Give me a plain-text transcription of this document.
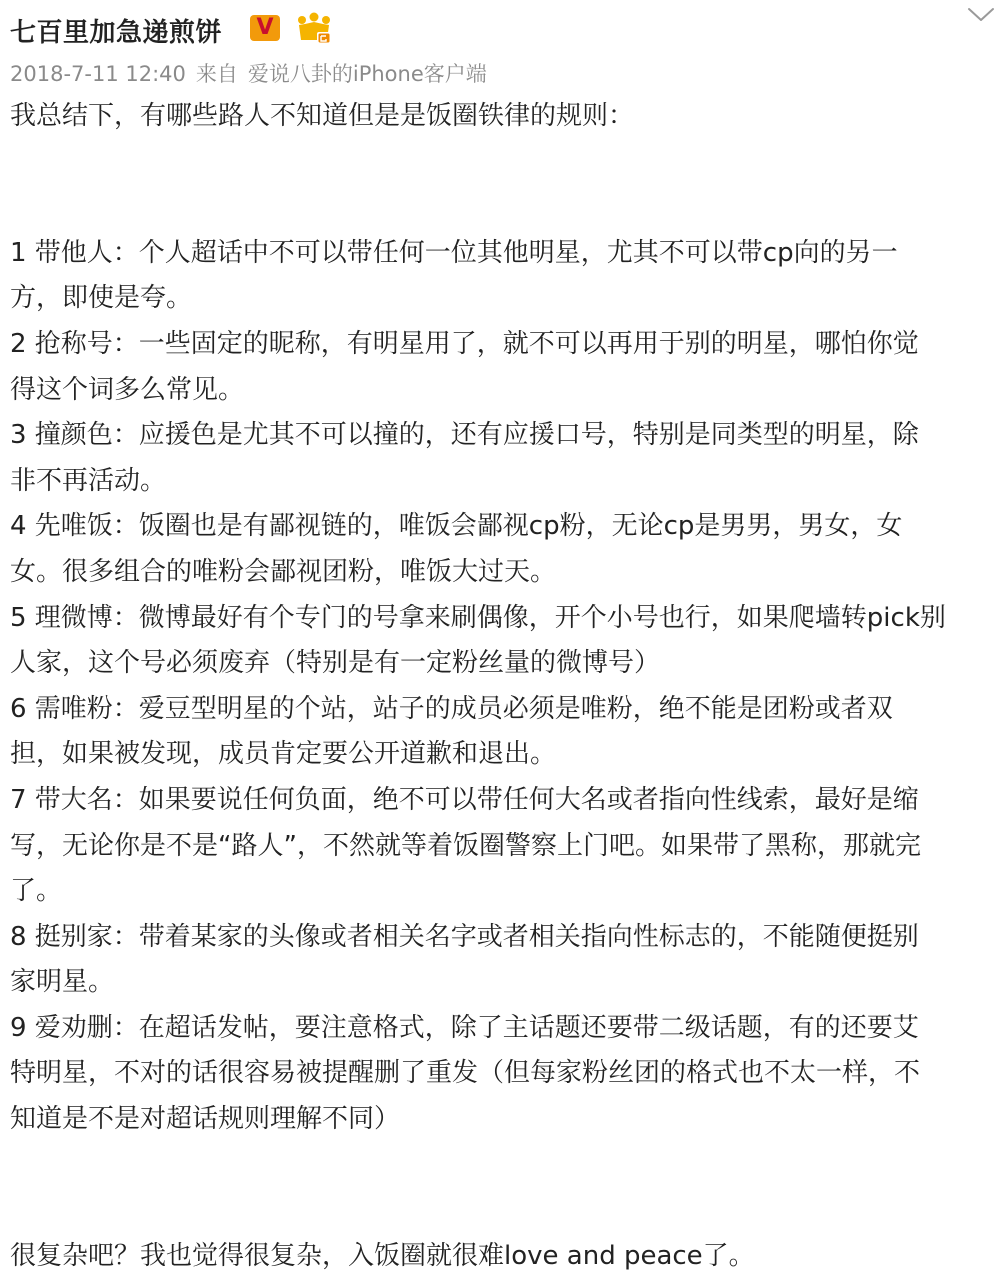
七百里加急递煎饼 V
2018-7-11 12:40 来自 爱说八卦的iPhone客户端
我总结下，有哪些路人不知道但是是饭圈铁律的规则：
1 带他人：个人超话中不可以带任何一位其他明星，尤其不可以带cp向的另一
方，即使是夸。
2 抢称号：一些固定的昵称，有明星用了，就不可以再用于别的明星，哪怕你觉
得这个词多么常见。
3 撞颜色：应援色是尤其不可以撞的，还有应援口号，特别是同类型的明星，除
非不再活动。
4 先唯饭：饭圈也是有鄙视链的，唯饭会鄙视cp粉，无论cp是男男，男女，女
女。很多组合的唯粉会鄙视团粉，唯饭大过天。
5 理微博：微博最好有个专门的号拿来刷偶像，开个小号也行，如果爬墙转pick别
人家，这个号必须废弃（特别是有一定粉丝量的微博号）
6 需唯粉：爱豆型明星的个站，站子的成员必须是唯粉，绝不能是团粉或者双
担，如果被发现，成员肯定要公开道歉和退出。
7 带大名：如果要说任何负面，绝不可以带任何大名或者指向性线索，最好是缩
写，无论你是不是“路人”，不然就等着饭圈警察上门吧。如果带了黑称，那就完
了。
8 挺别家：带着某家的头像或者相关名字或者相关指向性标志的，不能随便挺别
家明星。
9 爱劝删：在超话发帖，要注意格式，除了主话题还要带二级话题，有的还要艾
特明星，不对的话很容易被提醒删了重发（但每家粉丝团的格式也不太一样，不
知道是不是对超话规则理解不同）
很复杂吧？我也觉得很复杂，入饭圈就很难love and peace了。
